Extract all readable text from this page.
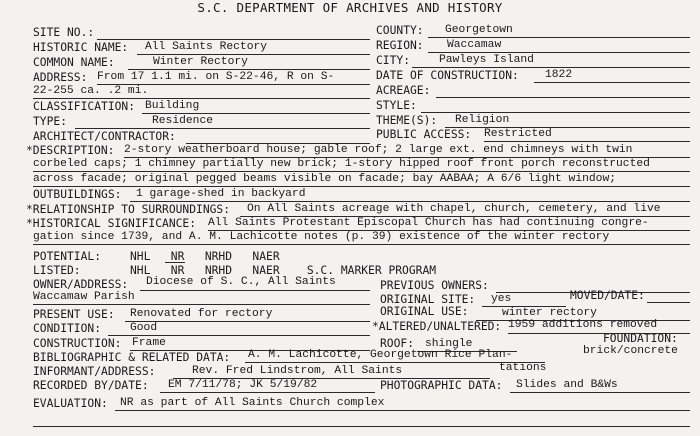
S.C. DEPARTMENT OF ARCHIVES AND HISTORY
SITE NO.:
HISTORIC NAME: All Saints Rectory
COMMON NAME:	Winter Rectory
ADDRESS: From 17 1.1 mi. on S-22-46, R on S-
22-255 ca. .2 mi.
CLASSIFICATION: Building
TYPE:	Residence
ARCHITECT/CONTRACTOR:
COUNTY: Georgetown
REGION: Waccamaw
CITY:	Pawleys Island
DATE OF CONSTRUCTION: 1822
ACREAGE:
STYLE:
THEME(S): Religion
PUBLIC ACCESS: Restricted
*DESCRIPTION: 2-story weatherboard house; gable roof; 2 large ext. end chimneys with twin
corbeled caps; 1 chimney partially new brick; 1-story hipped roof front porch reconstructed
across facade; original pegged beams visible on facade; bay AABAA; A 6/6 light window;
OUTBUILDINGS: 1 garage-shed in backyard
*RELATIONSHIP TO SURROUNDINGS: On All Saints acreage with chapel, church, cemetery, and live
*HISTORICAL SIGNIFICANCE: All Saints Protestant Episcopal Church has had continuing congre-
gation since 1739, and A. M. Lachicotte notes (p. 39) existence of the winter rectory
POTENTIAL:	NHL   NR   NRHD   NAER
LISTED:	NHL   NR   NRHD   NAER    S.C. MARKER PROGRAM
OWNER/ADDRESS: Diocese of S. C., All Saints
Waccamaw Parish
PREVIOUS OWNERS:
ORIGINAL SITE: yes	MOVED/DATE:
ORIGINAL USE:	winter rectory
PRESENT USE: Renovated for rectory
CONDITION:	Good	*ALTERED/UNALTERED: 1959 additions removed
CONSTRUCTION: Frame	ROOF: shingle	FOUNDATION:
brick/concrete
BIBLIOGRAPHIC & RELATED DATA: A. M. Lachicotte, Georgetown Rice Plan-
tations
INFORMANT/ADDRESS:	Rev. Fred Lindstrom, All Saints
RECORDED BY/DATE: EM 7/11/78; JK 5/19/82	PHOTOGRAPHIC DATA: Slides and B&Ws
EVALUATION: NR as part of All Saints Church complex
